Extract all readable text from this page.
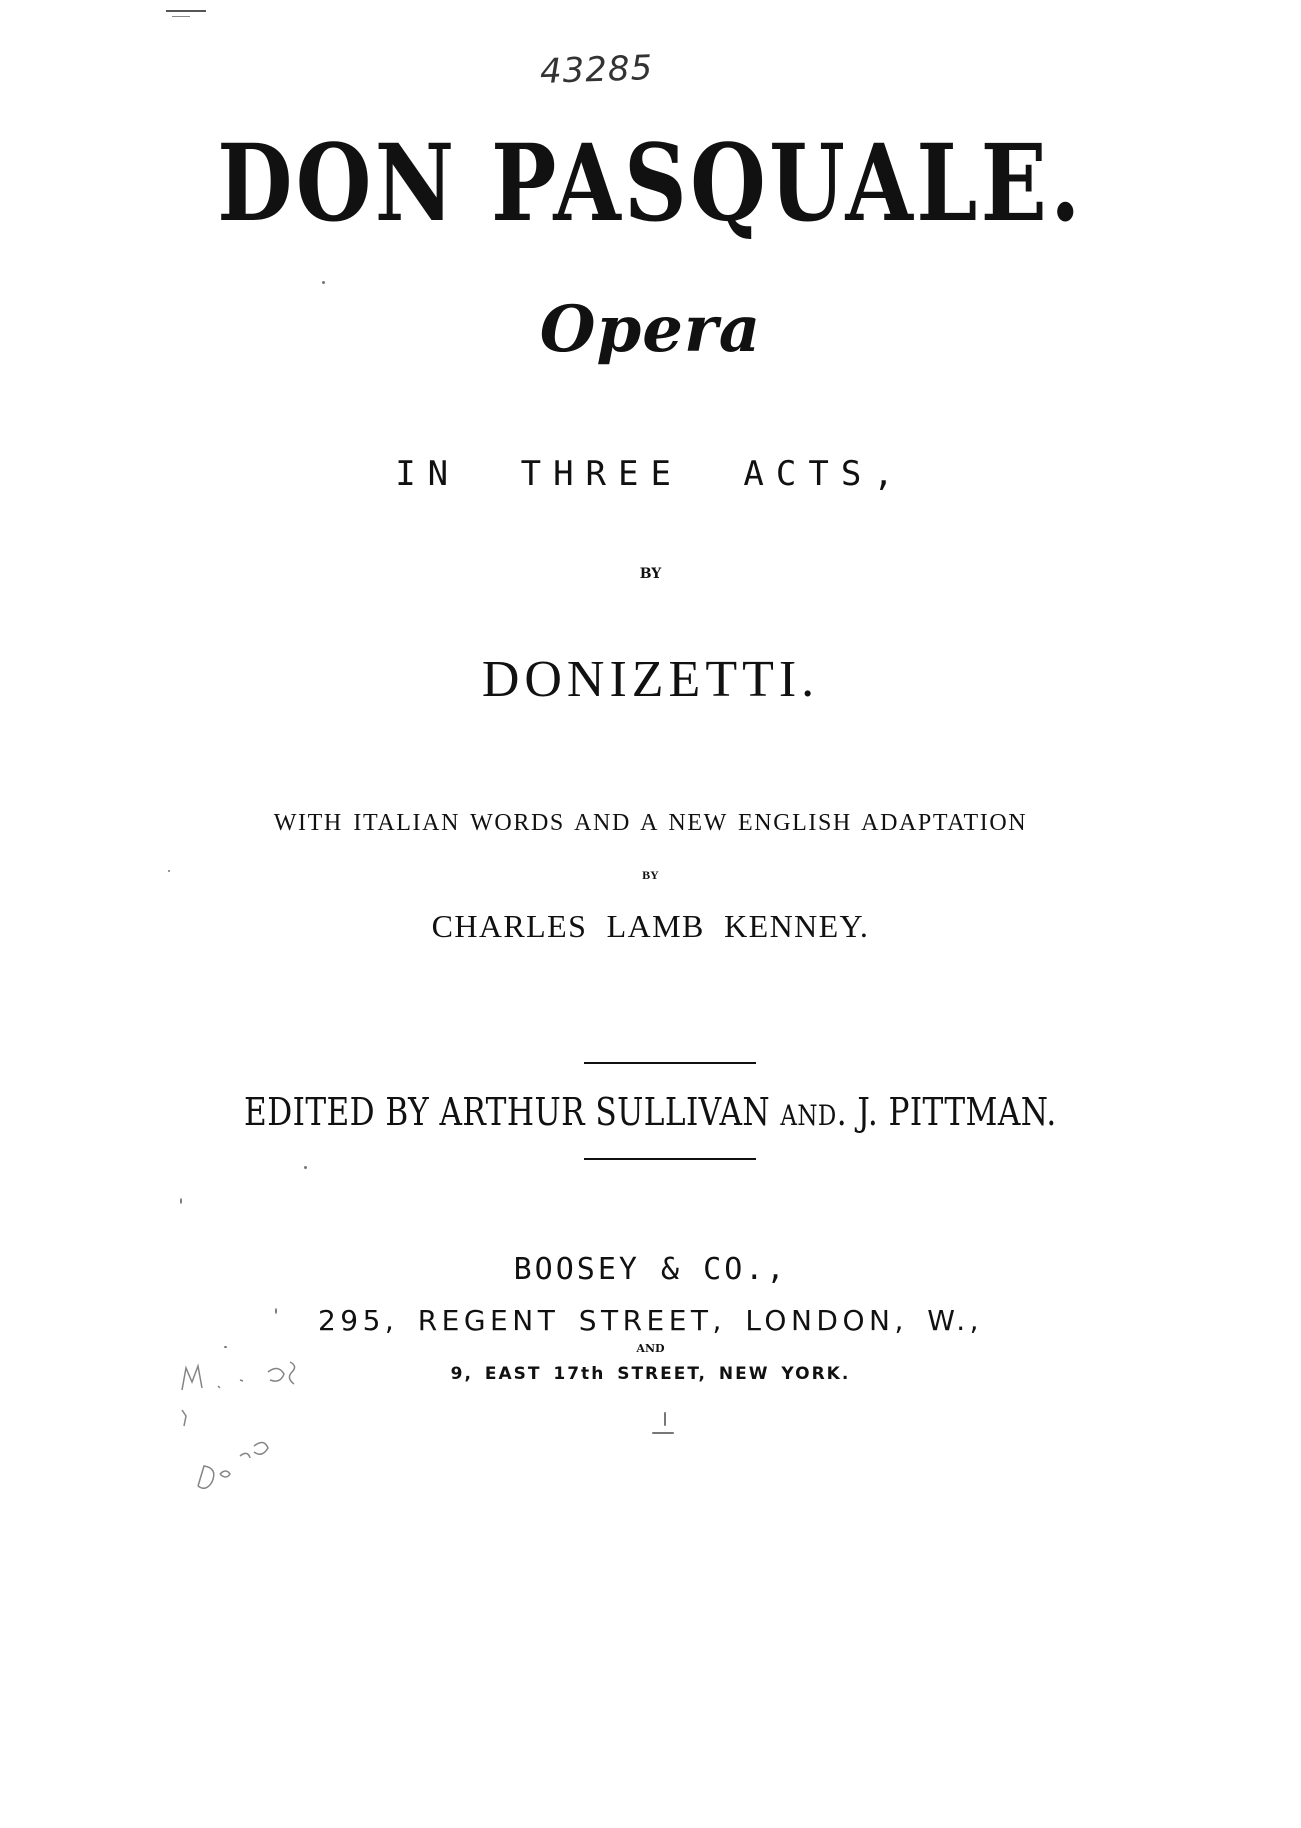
43285
DON PASQUALE.
Opera
IN THREE ACTS,
BY
DONIZETTI.
WITH ITALIAN WORDS AND A NEW ENGLISH ADAPTATION
BY
CHARLES LAMB KENNEY.
EDITED BY ARTHUR SULLIVAN AND. J. PITTMAN.
BOOSEY & CO.,
295, REGENT STREET, LONDON, W.,
AND
9, EAST 17th STREET, NEW YORK.
